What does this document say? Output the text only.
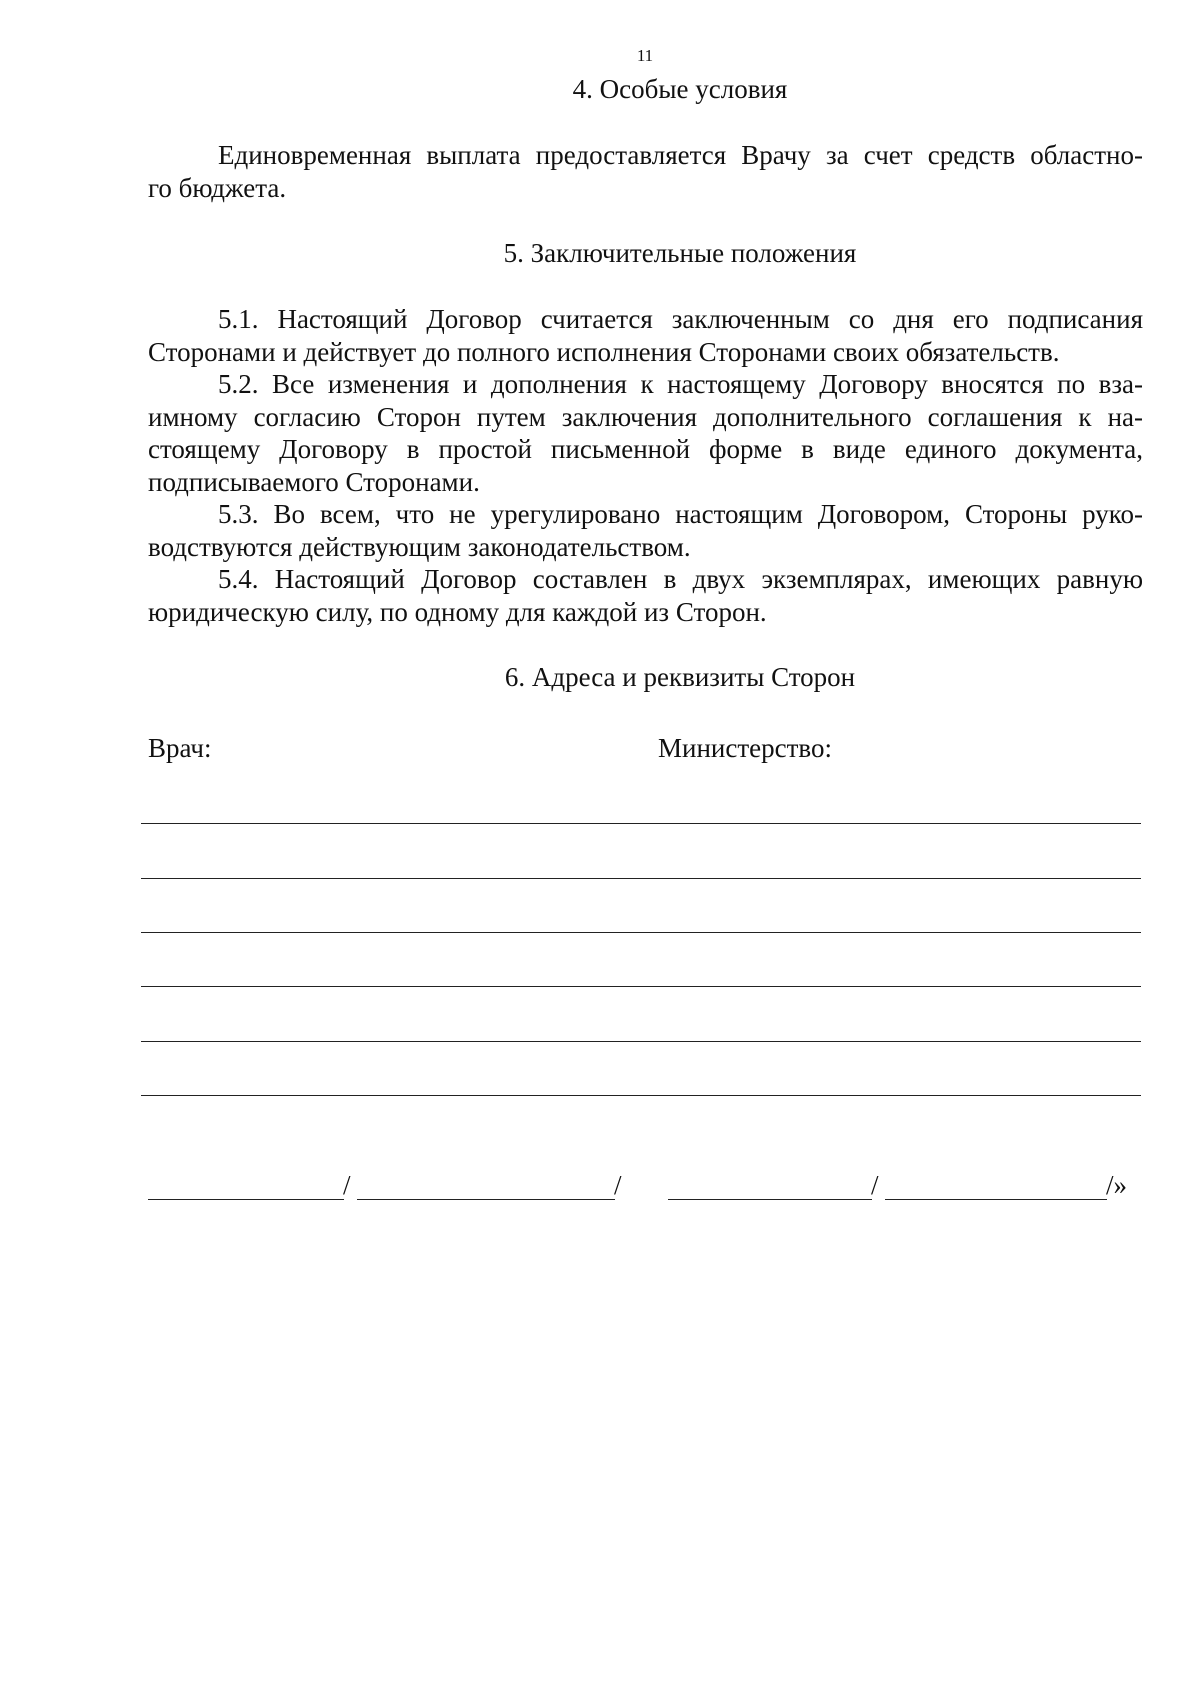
11
4. Особые условия
Единовременная выплата предоставляется Врачу за счет средств областно-
го бюджета.
5. Заключительные положения
5.1. Настоящий Договор считается заключенным со дня его подписания
Сторонами и действует до полного исполнения Сторонами своих обязательств.
5.2. Все изменения и дополнения к настоящему Договору вносятся по вза-
имному согласию Сторон путем заключения дополнительного соглашения к на-
стоящему Договору в простой письменной форме в виде единого документа,
подписываемого Сторонами.
5.3. Во всем, что не урегулировано настоящим Договором, Стороны руко-
водствуются действующим законодательством.
5.4. Настоящий Договор составлен в двух экземплярах, имеющих равную
юридическую силу, по одному для каждой из Сторон.
6. Адреса и реквизиты Сторон
Врач:	Министерство:
/	/	/	/»
